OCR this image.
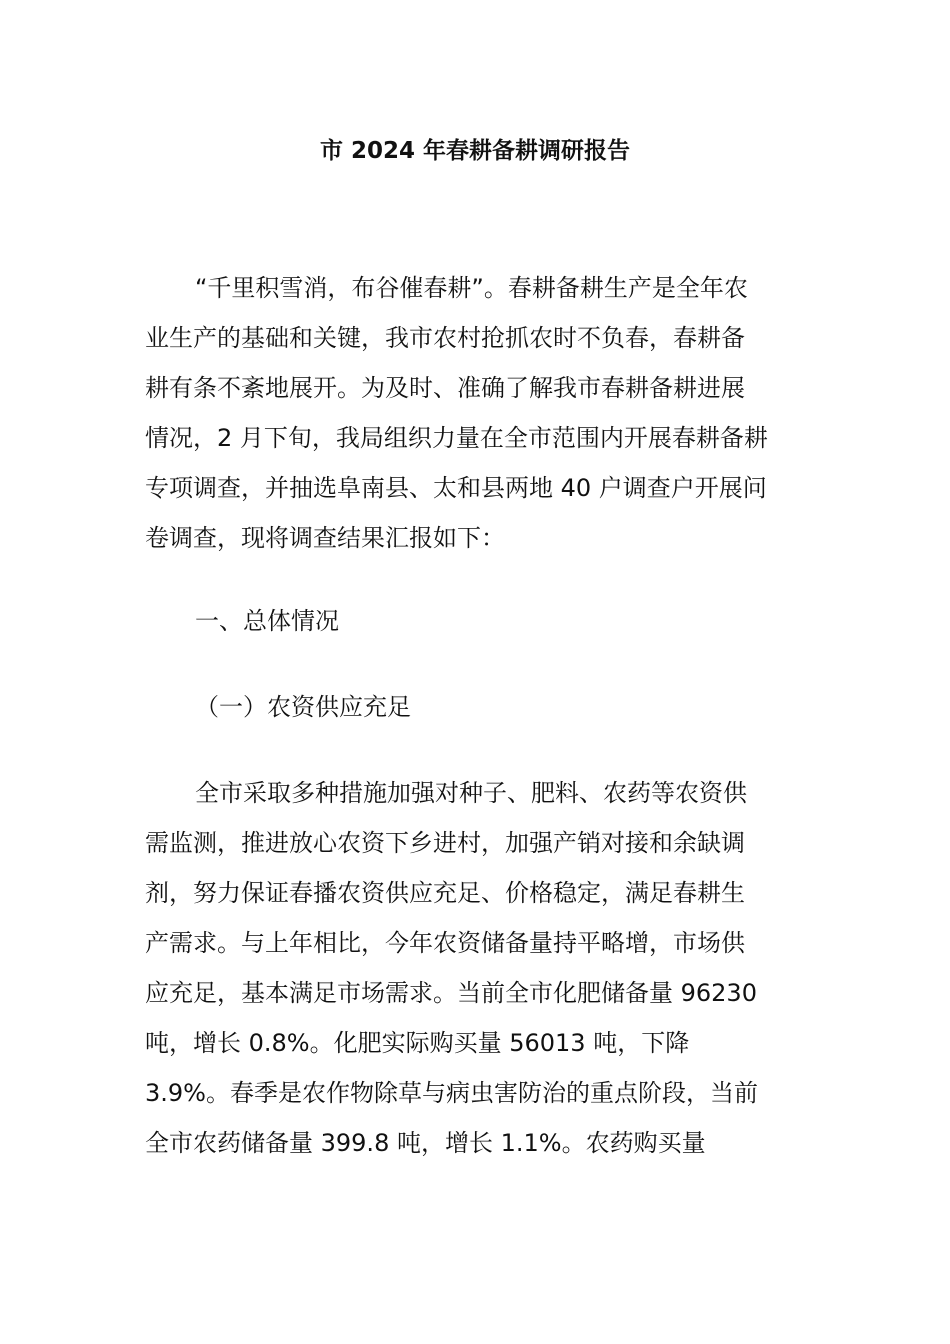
市 2024 年春耕备耕调研报告
“千里积雪消，布谷催春耕”。春耕备耕生产是全年农
业生产的基础和关键，我市农村抢抓农时不负春，春耕备
耕有条不紊地展开。为及时、准确了解我市春耕备耕进展
情况，2 月下旬，我局组织力量在全市范围内开展春耕备耕
专项调查，并抽选阜南县、太和县两地 40 户调查户开展问
卷调查，现将调查结果汇报如下：
一、总体情况
（一）农资供应充足
全市采取多种措施加强对种子、肥料、农药等农资供
需监测，推进放心农资下乡进村，加强产销对接和余缺调
剂，努力保证春播农资供应充足、价格稳定，满足春耕生
产需求。与上年相比，今年农资储备量持平略增，市场供
应充足，基本满足市场需求。当前全市化肥储备量 96230
吨，增长 0.8%。化肥实际购买量 56013 吨，下降
3.9%。春季是农作物除草与病虫害防治的重点阶段，当前
全市农药储备量 399.8 吨，增长 1.1%。农药购买量
